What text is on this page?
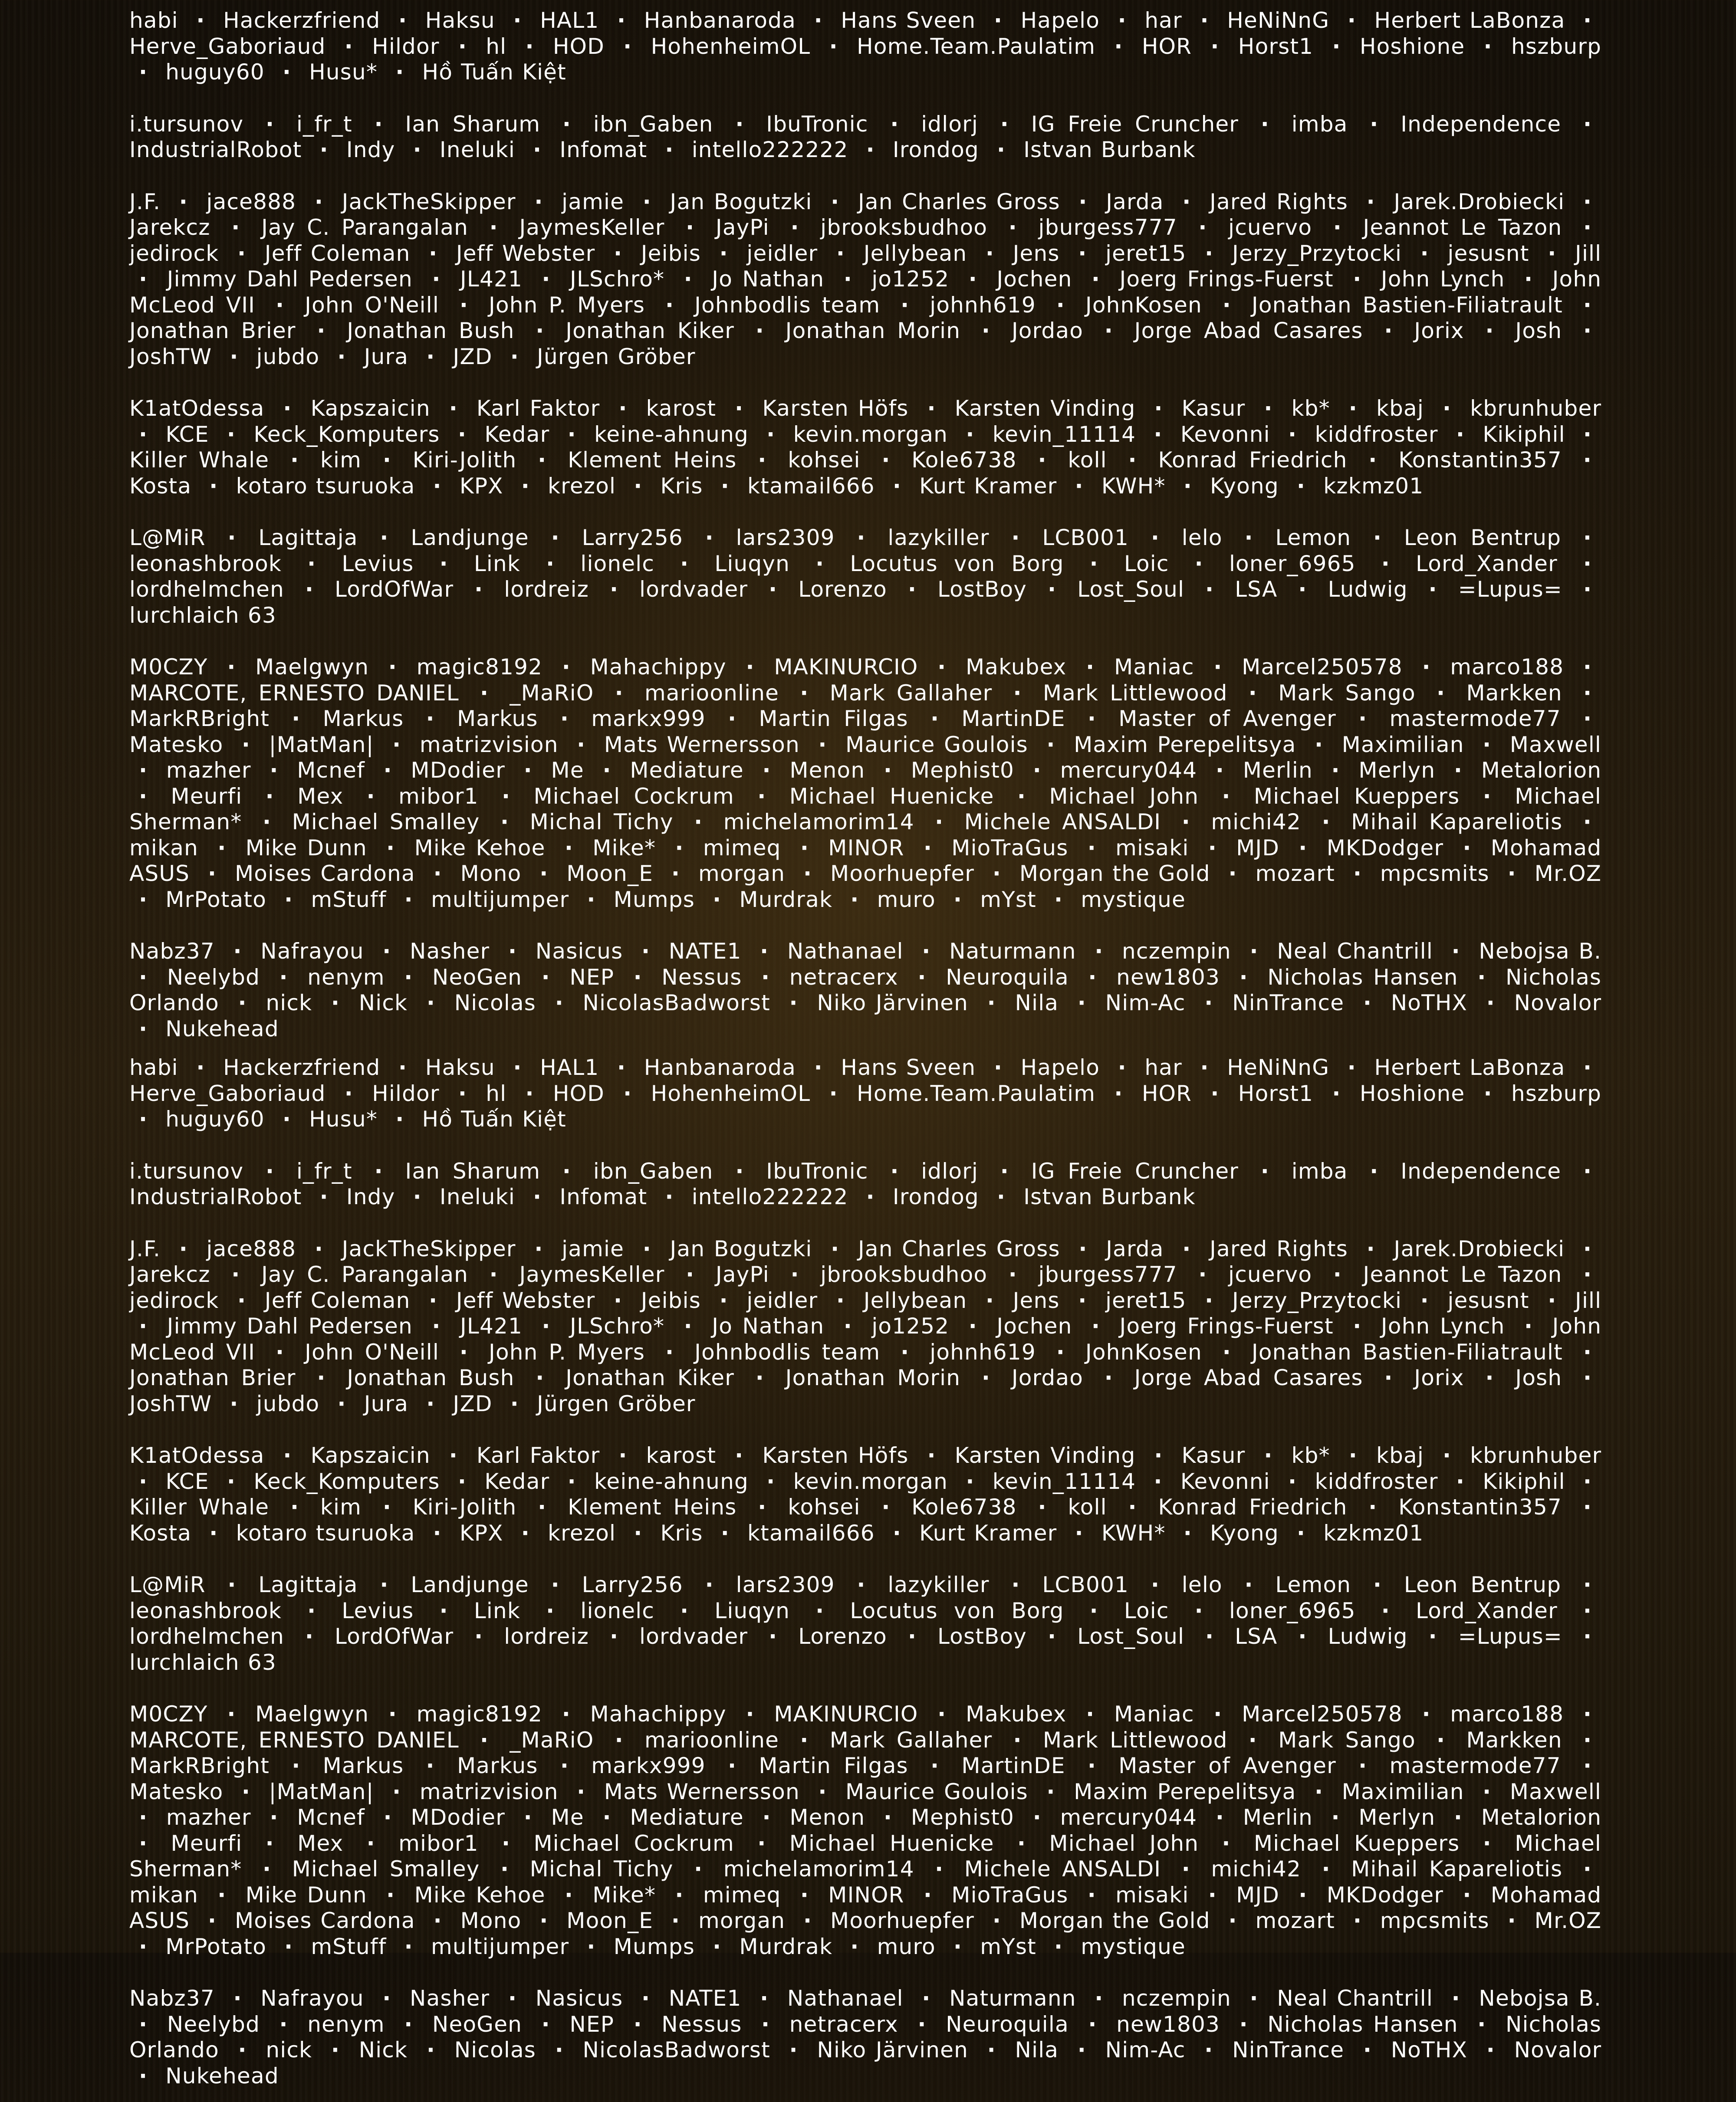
habi · Hackerzfriend · Haksu · HAL1 · Hanbanaroda · Hans Sveen · Hapelo · har · HeNiNnG · Herbert LaBonza · Herve_Gaboriaud · Hildor · hl · HOD · HohenheimOL · Home.Team.Paulatim · HOR · Horst1 · Hoshione · hszburp · huguy60 · Husu* · Hồ Tuấn Kiệt
i.tursunov · i_fr_t · Ian Sharum · ibn_Gaben · IbuTronic · idlorj · IG Freie Cruncher · imba · Independence · IndustrialRobot · Indy · Ineluki · Infomat · intello222222 · Irondog · Istvan Burbank
J.F. · jace888 · JackTheSkipper · jamie · Jan Bogutzki · Jan Charles Gross · Jarda · Jared Rights · Jarek.Drobiecki · Jarekcz · Jay C. Parangalan · JaymesKeller · JayPi · jbrooksbudhoo · jburgess777 · jcuervo · Jeannot Le Tazon · jedirock · Jeff Coleman · Jeff Webster · Jeibis · jeidler · Jellybean · Jens · jeret15 · Jerzy_Przytocki · jesusnt · Jill · Jimmy Dahl Pedersen · JL421 · JLSchro* · Jo Nathan · jo1252 · Jochen · Joerg Frings-Fuerst · John Lynch · John McLeod VII · John O'Neill · John P. Myers · Johnbodlis team · johnh619 · JohnKosen · Jonathan Bastien-Filiatrault · Jonathan Brier · Jonathan Bush · Jonathan Kiker · Jonathan Morin · Jordao · Jorge Abad Casares · Jorix · Josh · JoshTW · jubdo · Jura · JZD · Jürgen Gröber
K1atOdessa · Kapszaicin · Karl Faktor · karost · Karsten Höfs · Karsten Vinding · Kasur · kb* · kbaj · kbrunhuber · KCE · Keck_Komputers · Kedar · keine-ahnung · kevin.morgan · kevin_11114 · Kevonni · kiddfroster · Kikiphil · Killer Whale · kim · Kiri-Jolith · Klement Heins · kohsei · Kole6738 · koll · Konrad Friedrich · Konstantin357 · Kosta · kotaro tsuruoka · KPX · krezol · Kris · ktamail666 · Kurt Kramer · KWH* · Kyong · kzkmz01
L@MiR · Lagittaja · Landjunge · Larry256 · lars2309 · lazykiller · LCB001 · lelo · Lemon · Leon Bentrup · leonashbrook · Levius · Link · lionelc · Liuqyn · Locutus von Borg · Loic · loner_6965 · Lord_Xander · lordhelmchen · LordOfWar · lordreiz · lordvader · Lorenzo · LostBoy · Lost_Soul · LSA · Ludwig · =Lupus= · lurchlaich 63
M0CZY · Maelgwyn · magic8192 · Mahachippy · MAKINURCIO · Makubex · Maniac · Marcel250578 · marco188 · MARCOTE, ERNESTO DANIEL · _MaRiO · marioonline · Mark Gallaher · Mark Littlewood · Mark Sango · Markken · MarkRBright · Markus · Markus · markx999 · Martin Filgas · MartinDE · Master of Avenger · mastermode77 · Matesko · |MatMan| · matrizvision · Mats Wernersson · Maurice Goulois · Maxim Perepelitsya · Maximilian · Maxwell · mazher · Mcnef · MDodier · Me · Mediature · Menon · Mephist0 · mercury044 · Merlin · Merlyn · Metalorion · Meurfi · Mex · mibor1 · Michael Cockrum · Michael Huenicke · Michael John · Michael Kueppers · Michael Sherman* · Michael Smalley · Michal Tichy · michelamorim14 · Michele ANSALDI · michi42 · Mihail Kapareliotis · mikan · Mike Dunn · Mike Kehoe · Mike* · mimeq · MINOR · MioTraGus · misaki · MJD · MKDodger · Mohamad ASUS · Moises Cardona · Mono · Moon_E · morgan · Moorhuepfer · Morgan the Gold · mozart · mpcsmits · Mr.OZ · MrPotato · mStuff · multijumper · Mumps · Murdrak · muro · mYst · mystique
Nabz37 · Nafrayou · Nasher · Nasicus · NATE1 · Nathanael · Naturmann · nczempin · Neal Chantrill · Nebojsa B. · Neelybd · nenym · NeoGen · NEP · Nessus · netracerx · Neuroquila · new1803 · Nicholas Hansen · Nicholas Orlando · nick · Nick · Nicolas · NicolasBadworst · Niko Järvinen · Nila · Nim-Ac · NinTrance · NoTHX · Novalor · Nukehead
habi · Hackerzfriend · Haksu · HAL1 · Hanbanaroda · Hans Sveen · Hapelo · har · HeNiNnG · Herbert LaBonza · Herve_Gaboriaud · Hildor · hl · HOD · HohenheimOL · Home.Team.Paulatim · HOR · Horst1 · Hoshione · hszburp · huguy60 · Husu* · Hồ Tuấn Kiệt
i.tursunov · i_fr_t · Ian Sharum · ibn_Gaben · IbuTronic · idlorj · IG Freie Cruncher · imba · Independence · IndustrialRobot · Indy · Ineluki · Infomat · intello222222 · Irondog · Istvan Burbank
J.F. · jace888 · JackTheSkipper · jamie · Jan Bogutzki · Jan Charles Gross · Jarda · Jared Rights · Jarek.Drobiecki · Jarekcz · Jay C. Parangalan · JaymesKeller · JayPi · jbrooksbudhoo · jburgess777 · jcuervo · Jeannot Le Tazon · jedirock · Jeff Coleman · Jeff Webster · Jeibis · jeidler · Jellybean · Jens · jeret15 · Jerzy_Przytocki · jesusnt · Jill · Jimmy Dahl Pedersen · JL421 · JLSchro* · Jo Nathan · jo1252 · Jochen · Joerg Frings-Fuerst · John Lynch · John McLeod VII · John O'Neill · John P. Myers · Johnbodlis team · johnh619 · JohnKosen · Jonathan Bastien-Filiatrault · Jonathan Brier · Jonathan Bush · Jonathan Kiker · Jonathan Morin · Jordao · Jorge Abad Casares · Jorix · Josh · JoshTW · jubdo · Jura · JZD · Jürgen Gröber
K1atOdessa · Kapszaicin · Karl Faktor · karost · Karsten Höfs · Karsten Vinding · Kasur · kb* · kbaj · kbrunhuber · KCE · Keck_Komputers · Kedar · keine-ahnung · kevin.morgan · kevin_11114 · Kevonni · kiddfroster · Kikiphil · Killer Whale · kim · Kiri-Jolith · Klement Heins · kohsei · Kole6738 · koll · Konrad Friedrich · Konstantin357 · Kosta · kotaro tsuruoka · KPX · krezol · Kris · ktamail666 · Kurt Kramer · KWH* · Kyong · kzkmz01
L@MiR · Lagittaja · Landjunge · Larry256 · lars2309 · lazykiller · LCB001 · lelo · Lemon · Leon Bentrup · leonashbrook · Levius · Link · lionelc · Liuqyn · Locutus von Borg · Loic · loner_6965 · Lord_Xander · lordhelmchen · LordOfWar · lordreiz · lordvader · Lorenzo · LostBoy · Lost_Soul · LSA · Ludwig · =Lupus= · lurchlaich 63
M0CZY · Maelgwyn · magic8192 · Mahachippy · MAKINURCIO · Makubex · Maniac · Marcel250578 · marco188 · MARCOTE, ERNESTO DANIEL · _MaRiO · marioonline · Mark Gallaher · Mark Littlewood · Mark Sango · Markken · MarkRBright · Markus · Markus · markx999 · Martin Filgas · MartinDE · Master of Avenger · mastermode77 · Matesko · |MatMan| · matrizvision · Mats Wernersson · Maurice Goulois · Maxim Perepelitsya · Maximilian · Maxwell · mazher · Mcnef · MDodier · Me · Mediature · Menon · Mephist0 · mercury044 · Merlin · Merlyn · Metalorion · Meurfi · Mex · mibor1 · Michael Cockrum · Michael Huenicke · Michael John · Michael Kueppers · Michael Sherman* · Michael Smalley · Michal Tichy · michelamorim14 · Michele ANSALDI · michi42 · Mihail Kapareliotis · mikan · Mike Dunn · Mike Kehoe · Mike* · mimeq · MINOR · MioTraGus · misaki · MJD · MKDodger · Mohamad ASUS · Moises Cardona · Mono · Moon_E · morgan · Moorhuepfer · Morgan the Gold · mozart · mpcsmits · Mr.OZ · MrPotato · mStuff · multijumper · Mumps · Murdrak · muro · mYst · mystique
Nabz37 · Nafrayou · Nasher · Nasicus · NATE1 · Nathanael · Naturmann · nczempin · Neal Chantrill · Nebojsa B. · Neelybd · nenym · NeoGen · NEP · Nessus · netracerx · Neuroquila · new1803 · Nicholas Hansen · Nicholas Orlando · nick · Nick · Nicolas · NicolasBadworst · Niko Järvinen · Nila · Nim-Ac · NinTrance · NoTHX · Novalor · Nukehead
